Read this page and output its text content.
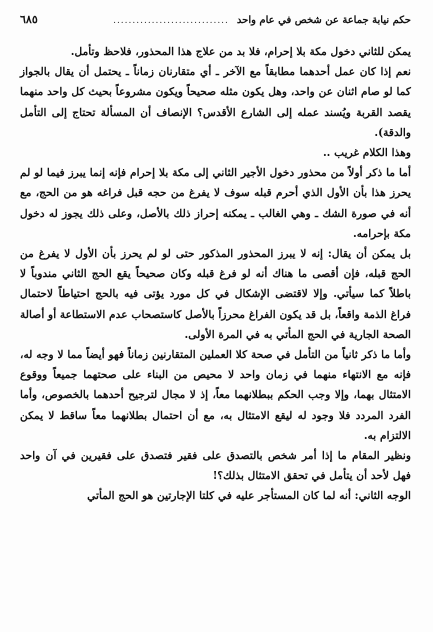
حكم نيابة جماعة عن شخص في عام واحد
..............................
٦٨٥

يمكن للثاني دخول مكة بلا إحرام، فلا بد من علاج هذا المحذور، فلاحظ وتأمل.

نعم إذا كان عمل أحدهما مطابقاً مع الآخر ـ أي متقارنان زماناً ـ يحتمل أن يقال بالجواز كما لو صام اثنان عن واحد، وهل يكون مثله صحيحاً ويكون مشروعاً بحيث كل واحد منهما يقصد القربة ويُسند عمله إلى الشارع الأقدس؟ الإنصاف أن المسألة تحتاج إلى التأمل والدقة).

وهذا الكلام غريب ..

أما ما ذكر أولاً من محذور دخول الأجير الثاني إلى مكة بلا إحرام فإنه إنما يبرز فيما لو لم يحرز هذا بأن الأول الذي أحرم قبله سوف لا يفرغ من حجه قبل فراغه هو من الحج، مع أنه في صورة الشك ـ وهي الغالب ـ يمكنه إحراز ذلك بالأصل، وعلى ذلك يجوز له دخول مكة بإحرامه.

بل يمكن أن يقال: إنه لا يبرز المحذور المذكور حتى لو لم يحرز بأن الأول لا يفرغ من الحج قبله، فإن أقصى ما هناك أنه لو فرغ قبله وكان صحيحاً يقع الحج الثاني مندوباً لا باطلاً كما سيأتي. وإلا لاقتضى الإشكال في كل مورد يؤتى فيه بالحج احتياطاً لاحتمال فراغ الذمة واقعاً، بل قد يكون الفراغ محرزاً بالأصل كاستصحاب عدم الاستطاعة أو أصالة الصحة الجارية في الحج المأتي به في المرة الأولى.

وأما ما ذكر ثانياً من التأمل في صحة كلا العملين المتقارنين زماناً فهو أيضاً مما لا وجه له، فإنه مع الانتهاء منهما في زمان واحد لا محيص من البناء على صحتهما جميعاً ووقوع الامتثال بهما، وإلا وجب الحكم ببطلانهما معاً، إذ لا مجال لترجيح أحدهما بالخصوص، وأما الفرد المردد فلا وجود له ليقع الامتثال به، مع أن احتمال بطلانهما معاً ساقط لا يمكن الالتزام به.

ونظير المقام ما إذا أمر شخص بالتصدق على فقير فتصدق على فقيرين في آن واحد فهل لأحد أن يتأمل في تحقق الامتثال بذلك؟!

الوجه الثاني: أنه لما كان المستأجر عليه في كلتا الإجارتين هو الحج المأتي
